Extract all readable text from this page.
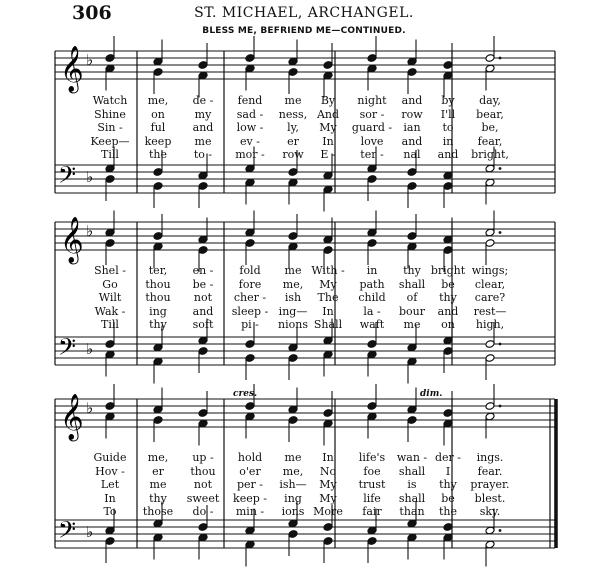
306	ST. MICHAEL, ARCHANGEL.
BLESS ME, BEFRIEND ME—CONTINUED.
𝄞 ♭
𝄢 ♭
𝄞 ♭
𝄢 ♭
𝄞 ♭
𝄢 ♭
Watch me, de - fend me By night and by day,
Shine on	my sad - ness, And sor - row I'll bear,
Sin -	ful and low - ly, My guard - ian to	be,
Keep— keep me	ev - er In love and in fear,
Till	the to - mor - row E - ter - nal and bright,
Shel - ter, en - fold me With - in thy bright wings;
Go	thou be - fore me, My path shall be clear,
Wilt thou not cher - ish The child of thy care?
Wak - ing and sleep - ing— In	la - bour and rest—
Till	thy soft	pi - nions Shall waft me on high,
Guide me, up - hold me In life's wan - der - ings.
Hov - er thou o'er me, No foe shall I fear.
Let	me not per - ish— My trust is thy prayer.
In	thy sweet keep - ing My life shall be blest.
To those do - min - ions More fair than the sky.
cres.	dim.
